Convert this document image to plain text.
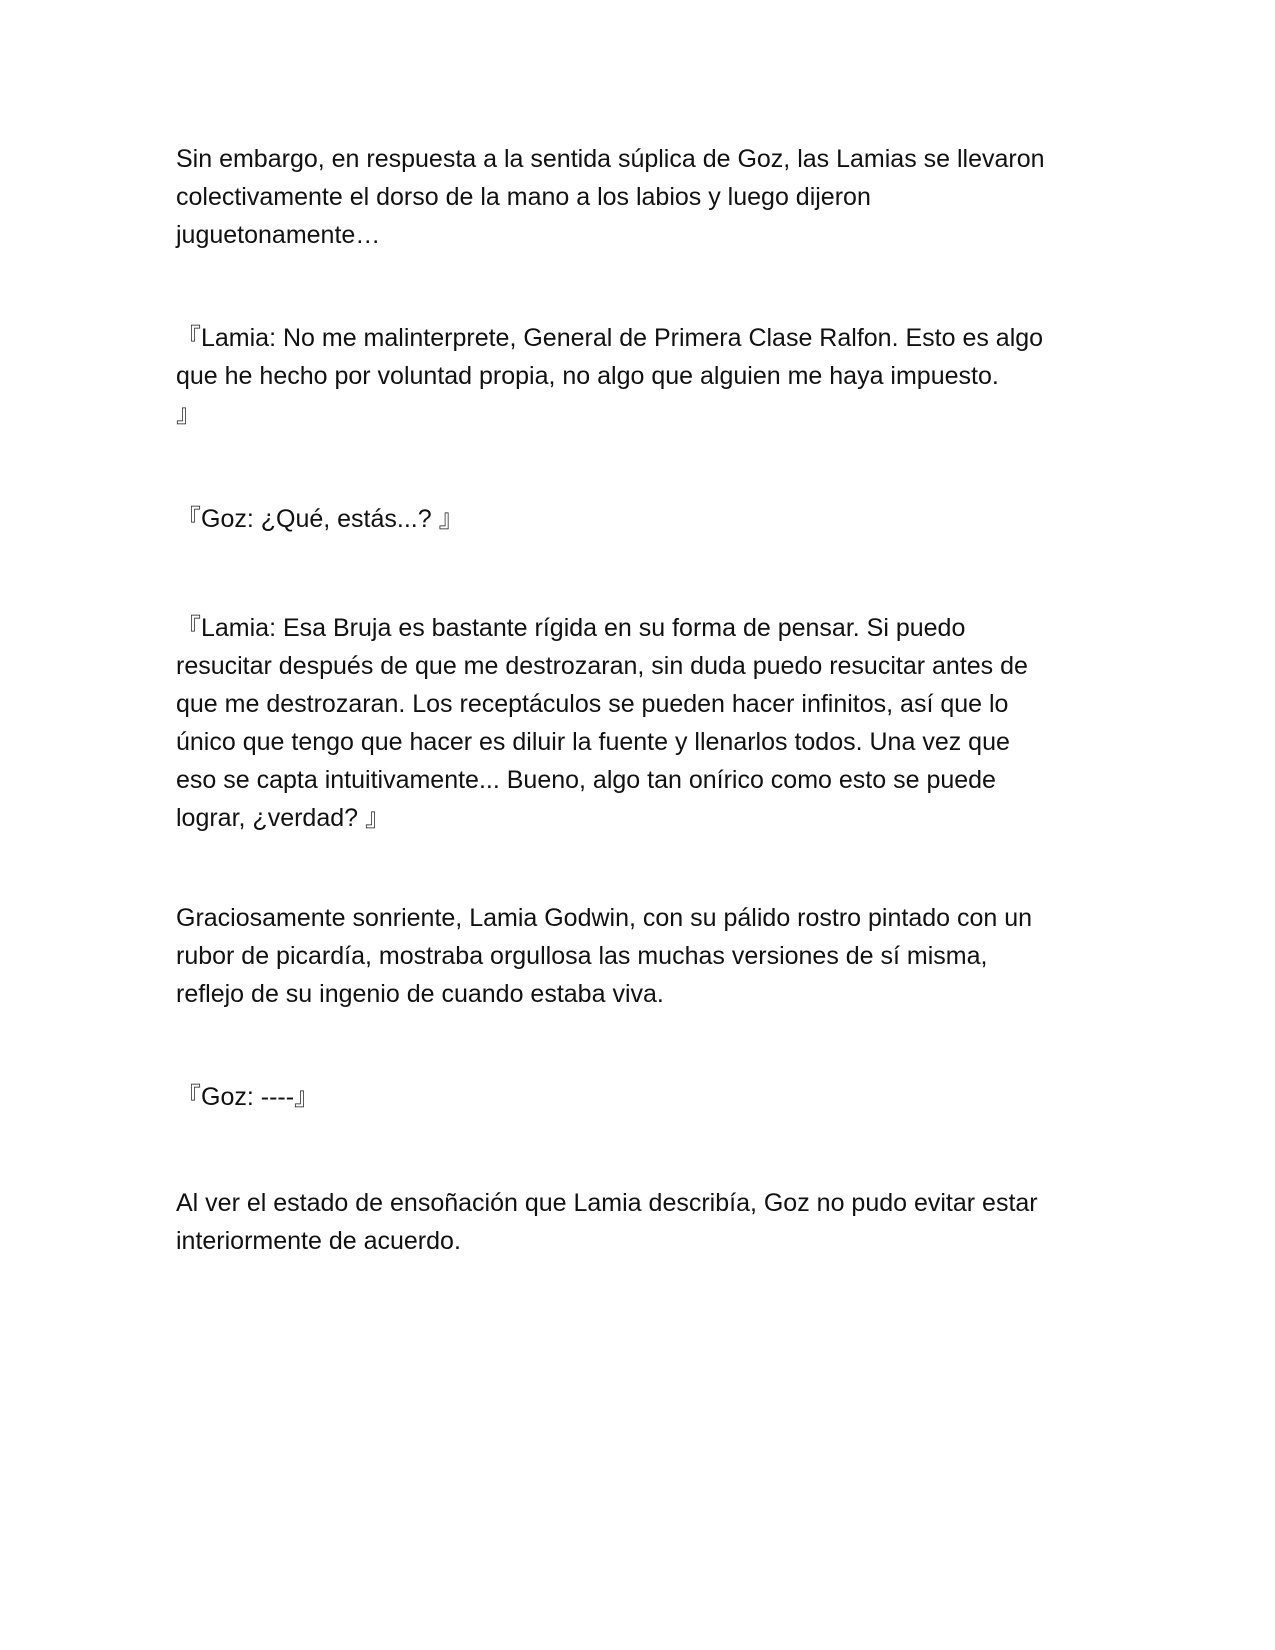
Sin embargo, en respuesta a la sentida súplica de Goz, las Lamias se llevaron
colectivamente el dorso de la mano a los labios y luego dijeron
juguetonamente…

『Lamia: No me malinterprete, General de Primera Clase Ralfon. Esto es algo
que he hecho por voluntad propia, no algo que alguien me haya impuesto.
』

『Goz: ¿Qué, estás...? 』

『Lamia: Esa Bruja es bastante rígida en su forma de pensar. Si puedo
resucitar después de que me destrozaran, sin duda puedo resucitar antes de
que me destrozaran. Los receptáculos se pueden hacer infinitos, así que lo
único que tengo que hacer es diluir la fuente y llenarlos todos. Una vez que
eso se capta intuitivamente... Bueno, algo tan onírico como esto se puede
lograr, ¿verdad? 』

Graciosamente sonriente, Lamia Godwin, con su pálido rostro pintado con un
rubor de picardía, mostraba orgullosa las muchas versiones de sí misma,
reflejo de su ingenio de cuando estaba viva.

『Goz: ----』

Al ver el estado de ensoñación que Lamia describía, Goz no pudo evitar estar
interiormente de acuerdo.
